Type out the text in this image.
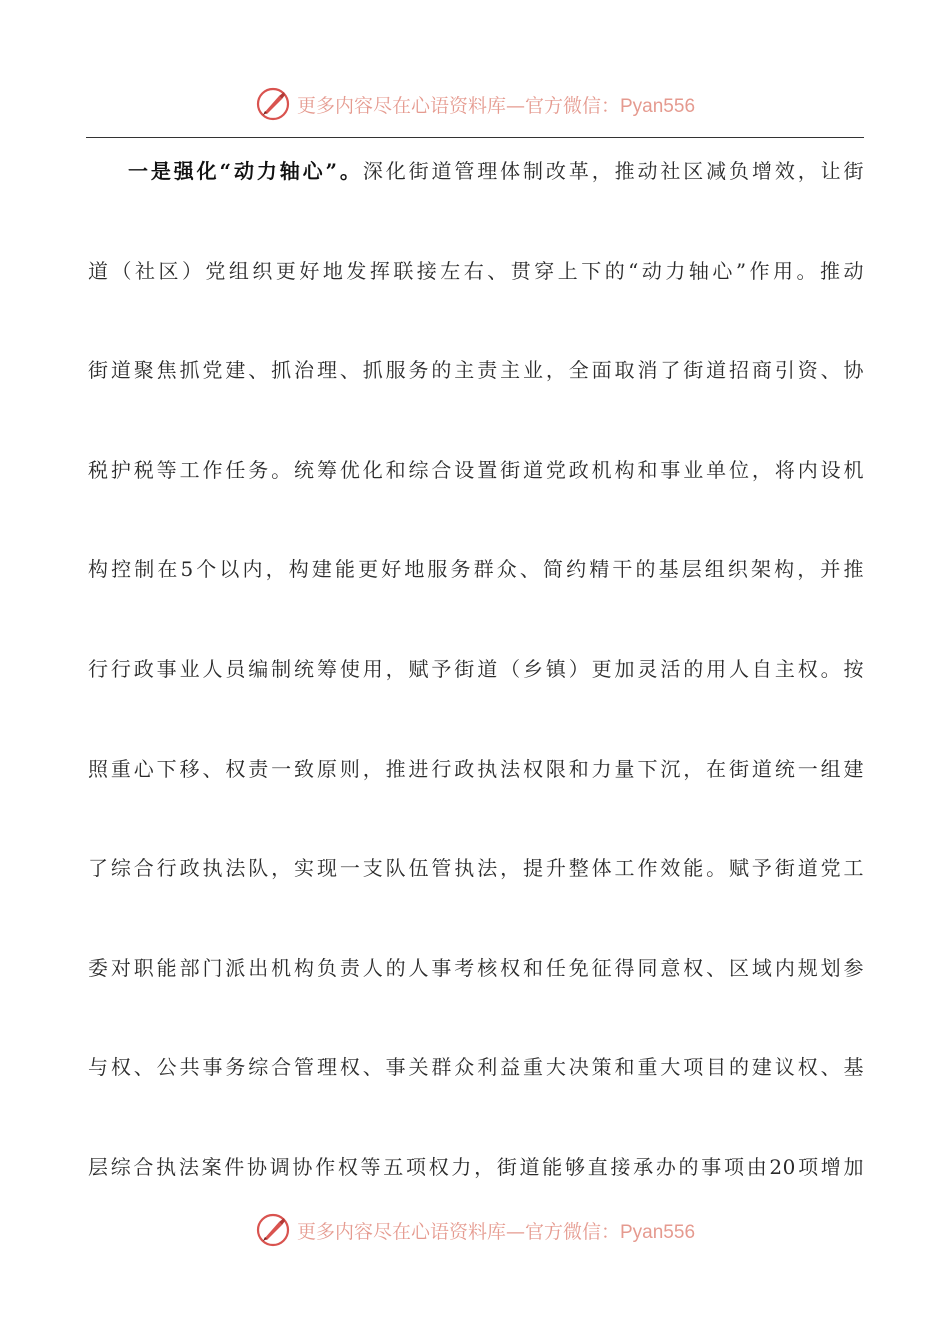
更多内容尽在心语资料库—官方微信：Pyan556
一是强化“动力轴心”。深化街道管理体制改革，推动社区减负增效，让街
道（社区）党组织更好地发挥联接左右、贯穿上下的“动力轴心”作用。推动
街道聚焦抓党建、抓治理、抓服务的主责主业，全面取消了街道招商引资、协
税护税等工作任务。统筹优化和综合设置街道党政机构和事业单位，将内设机
构控制在5个以内，构建能更好地服务群众、简约精干的基层组织架构，并推
行行政事业人员编制统筹使用，赋予街道（乡镇）更加灵活的用人自主权。按
照重心下移、权责一致原则，推进行政执法权限和力量下沉，在街道统一组建
了综合行政执法队，实现一支队伍管执法，提升整体工作效能。赋予街道党工
委对职能部门派出机构负责人的人事考核权和任免征得同意权、区域内规划参
与权、公共事务综合管理权、事关群众利益重大决策和重大项目的建议权、基
层综合执法案件协调协作权等五项权力，街道能够直接承办的事项由20项增加
更多内容尽在心语资料库—官方微信：Pyan556
